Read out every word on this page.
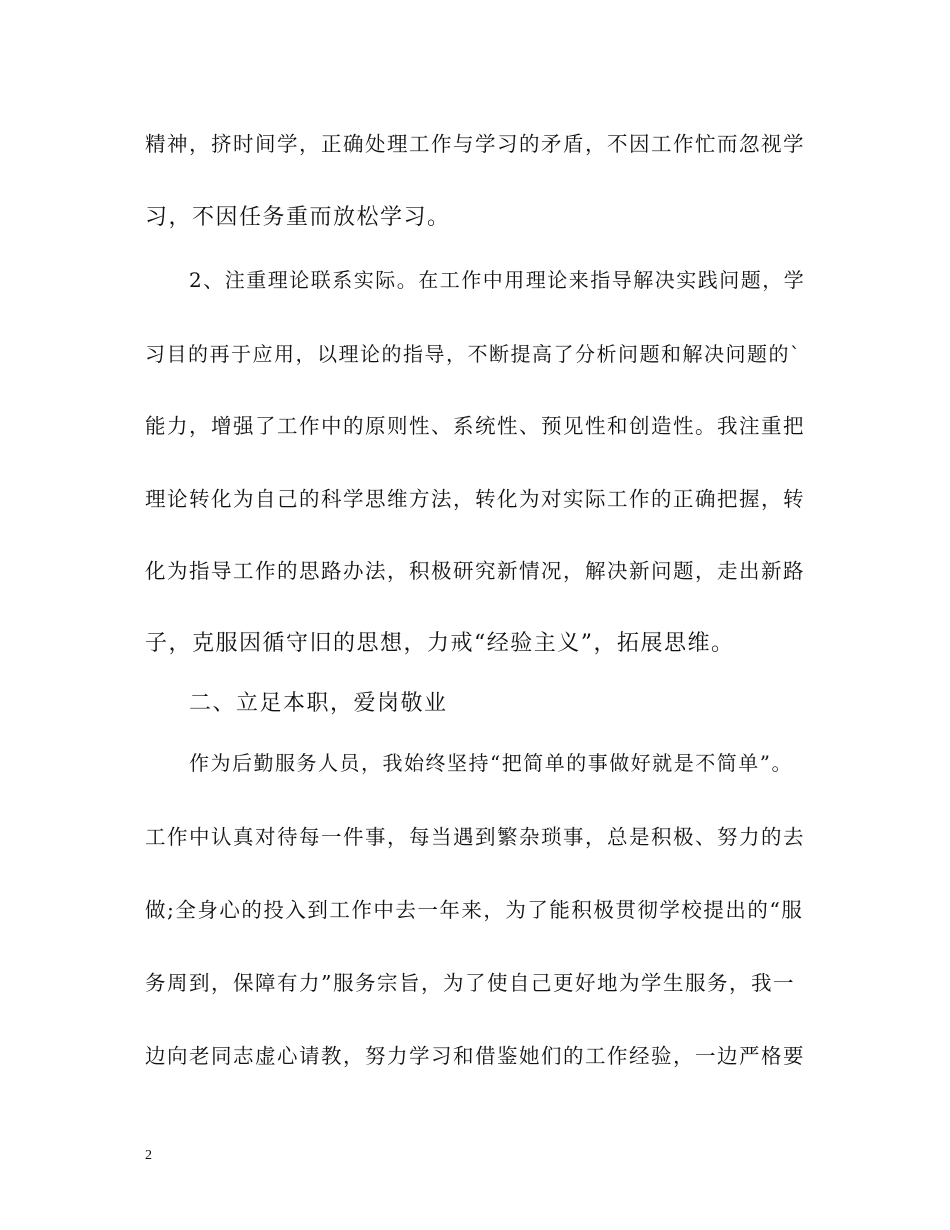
精神，挤时间学，正确处理工作与学习的矛盾，不因工作忙而忽视学
习，不因任务重而放松学习。
2、注重理论联系实际。在工作中用理论来指导解决实践问题，学
习目的再于应用，以理论的指导，不断提高了分析问题和解决问题的`
能力，增强了工作中的原则性、系统性、预见性和创造性。我注重把
理论转化为自己的科学思维方法，转化为对实际工作的正确把握，转
化为指导工作的思路办法，积极研究新情况，解决新问题，走出新路
子，克服因循守旧的思想，力戒“经验主义”，拓展思维。
二、立足本职，爱岗敬业
作为后勤服务人员，我始终坚持“把简单的事做好就是不简单”。
工作中认真对待每一件事，每当遇到繁杂琐事，总是积极、努力的去
做;全身心的投入到工作中去一年来，为了能积极贯彻学校提出的“服
务周到，保障有力”服务宗旨，为了使自己更好地为学生服务，我一
边向老同志虚心请教，努力学习和借鉴她们的工作经验，一边严格要
2
